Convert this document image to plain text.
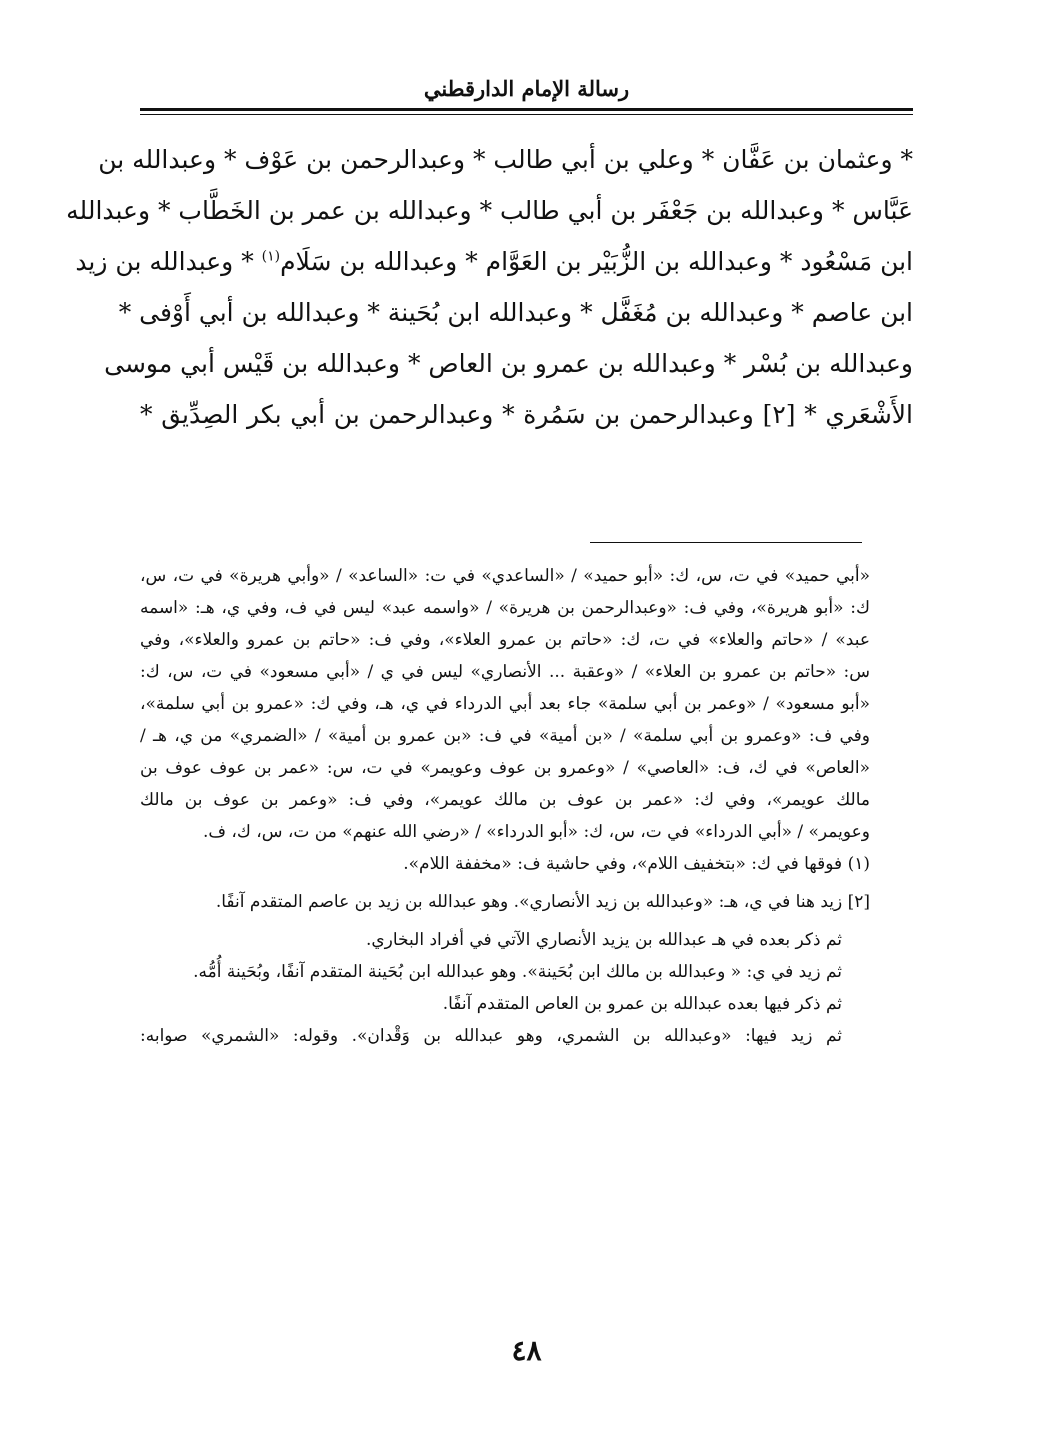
رسالة الإمام الدارقطني
* وعثمان بن عَفَّان * وعلي بن أبي طالب * وعبدالرحمن بن عَوْف * وعبدالله بن
عَبَّاس * وعبدالله بن جَعْفَر بن أبي طالب * وعبدالله بن عمر بن الخَطَّاب * وعبدالله
ابن مَسْعُود * وعبدالله بن الزُّبَيْر بن العَوَّام * وعبدالله بن سَلَام$^{(١)}$ * وعبدالله بن زيد
ابن عاصم * وعبدالله بن مُغَفَّل * وعبدالله ابن بُحَينة * وعبدالله بن أبي أَوْفى *
وعبدالله بن بُسْر * وعبدالله بن عمرو بن العاص * وعبدالله بن قَيْس أبي موسى
الأَشْعَري * [٢] وعبدالرحمن بن سَمُرة * وعبدالرحمن بن أبي بكر الصِدِّيق *
«أبي حميد» في ت، س، ك: «أبو حميد» / «الساعدي» في ت: «الساعد» / «وأبي هريرة» في ت، س،
ك: «أبو هريرة»، وفي ف: «وعبدالرحمن بن هريرة» / «واسمه عبد» ليس في ف، وفي ي، هـ: «اسمه
عبد» / «حاتم والعلاء» في ت، ك: «حاتم بن عمرو العلاء»، وفي ف: «حاتم بن عمرو والعلاء»، وفي
س: «حاتم بن عمرو بن العلاء» / «وعقبة ... الأنصاري» ليس في ي / «أبي مسعود» في ت، س، ك:
«أبو مسعود» / «وعمر بن أبي سلمة» جاء بعد أبي الدرداء في ي، هـ، وفي ك: «عمرو بن أبي سلمة»،
وفي ف: «وعمرو بن أبي سلمة» / «بن أمية» في ف: «بن عمرو بن أمية» / «الضمري» من ي، هـ /
«العاص» في ك، ف: «العاصي» / «وعمرو بن عوف وعويمر» في ت، س: «عمر بن عوف عوف بن
مالك عويمر»، وفي ك: «عمر بن عوف بن مالك عويمر»، وفي ف: «وعمر بن عوف بن مالك
وعويمر» / «أبي الدرداء» في ت، س، ك: «أبو الدرداء» / «رضي الله عنهم» من ت، س، ك، ف.
(١) فوقها في ك: «بتخفيف اللام»، وفي حاشية ف: «مخففة اللام».
[٢] زيد هنا في ي، هـ: «وعبدالله بن زيد الأنصاري». وهو عبدالله بن زيد بن عاصم المتقدم آنفًا.
ثم ذكر بعده في هـ عبدالله بن يزيد الأنصاري الآتي في أفراد البخاري.
ثم زيد في ي: « وعبدالله بن مالك ابن بُحَينة». وهو عبدالله ابن بُحَينة المتقدم آنفًا، وبُحَينة أُمُّه.
ثم ذكر فيها بعده عبدالله بن عمرو بن العاص المتقدم آنفًا.
ثم زيد فيها: «وعبدالله بن الشمري، وهو عبدالله بن وَقْدان». وقوله: «الشمري» صوابه:
٤٨
